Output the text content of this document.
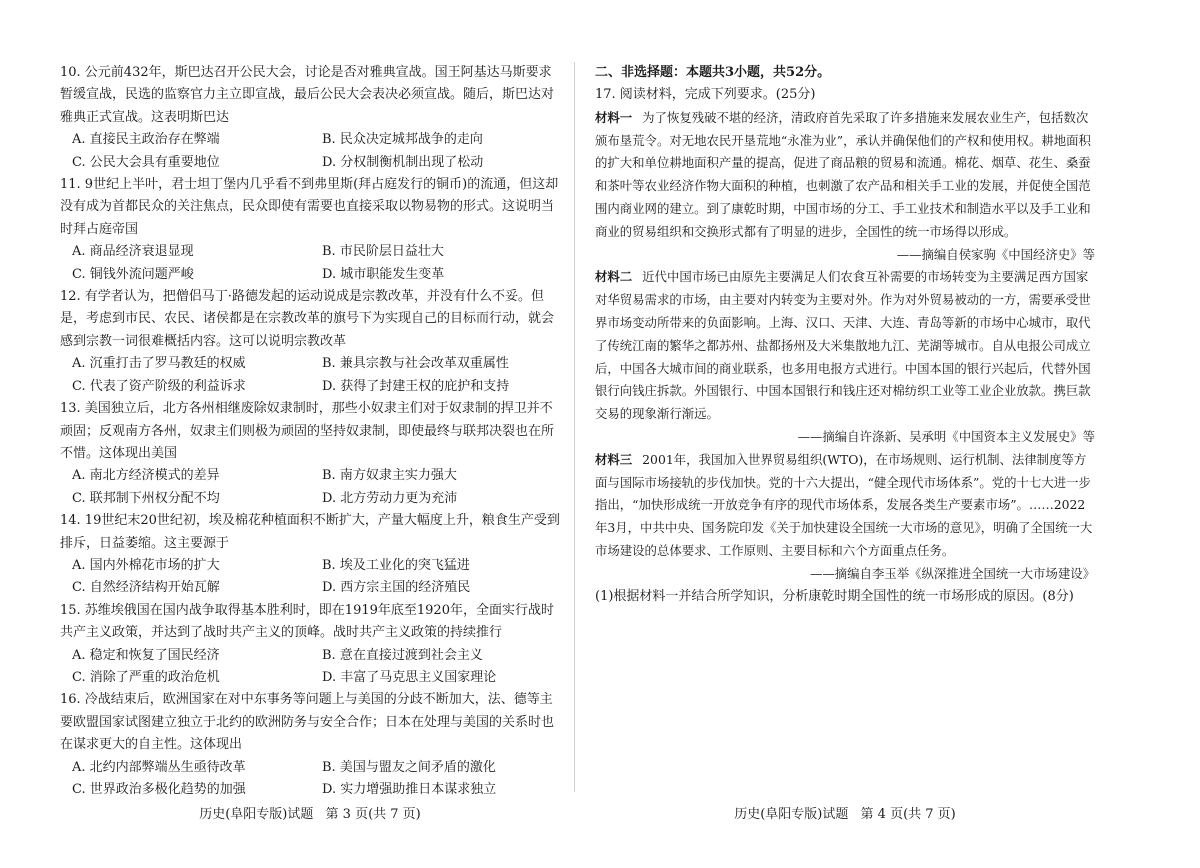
10. 公元前432年，斯巴达召开公民大会，讨论是否对雅典宣战。国王阿基达马斯要求暂缓宣战，民选的监察官力主立即宣战，最后公民大会表决必须宣战。随后，斯巴达对雅典正式宣战。这表明斯巴达

A. 直接民主政治存在弊端	B. 民众决定城邦战争的走向
C. 公民大会具有重要地位	D. 分权制衡机制出现了松动

11. 9世纪上半叶，君士坦丁堡内几乎看不到弗里斯(拜占庭发行的铜币)的流通，但这却没有成为首都民众的关注焦点，民众即使有需要也直接采取以物易物的形式。这说明当时拜占庭帝国

A. 商品经济衰退显现	B. 市民阶层日益壮大
C. 铜钱外流问题严峻	D. 城市职能发生变革

12. 有学者认为，把僧侣马丁·路德发起的运动说成是宗教改革，并没有什么不妥。但是，考虑到市民、农民、诸侯都是在宗教改革的旗号下为实现自己的目标而行动，就会感到宗教一词很难概括内容。这可以说明宗教改革

A. 沉重打击了罗马教廷的权威	B. 兼具宗教与社会改革双重属性
C. 代表了资产阶级的利益诉求	D. 获得了封建王权的庇护和支持

13. 美国独立后，北方各州相继废除奴隶制时，那些小奴隶主们对于奴隶制的捍卫并不顽固；反观南方各州，奴隶主们则极为顽固的坚持奴隶制，即使最终与联邦决裂也在所不惜。这体现出美国

A. 南北方经济模式的差异	B. 南方奴隶主实力强大
C. 联邦制下州权分配不均	D. 北方劳动力更为充沛

14. 19世纪末20世纪初，埃及棉花种植面积不断扩大，产量大幅度上升，粮食生产受到排斥，日益萎缩。这主要源于

A. 国内外棉花市场的扩大	B. 埃及工业化的突飞猛进
C. 自然经济结构开始瓦解	D. 西方宗主国的经济殖民

15. 苏维埃俄国在国内战争取得基本胜利时，即在1919年底至1920年，全面实行战时共产主义政策，并达到了战时共产主义的顶峰。战时共产主义政策的持续推行

A. 稳定和恢复了国民经济	B. 意在直接过渡到社会主义
C. 消除了严重的政治危机	D. 丰富了马克思主义国家理论

16. 冷战结束后，欧洲国家在对中东事务等问题上与美国的分歧不断加大，法、德等主要欧盟国家试图建立独立于北约的欧洲防务与安全合作；日本在处理与美国的关系时也在谋求更大的自主性。这体现出

A. 北约内部弊端丛生亟待改革	B. 美国与盟友之间矛盾的激化
C. 世界政治多极化趋势的加强	D. 实力增强助推日本谋求独立
历史(阜阳专版)试题 第 3 页(共 7 页)

二、非选择题：本题共3小题，共52分。

17. 阅读材料，完成下列要求。(25分)

材料一 为了恢复残破不堪的经济，清政府首先采取了许多措施来发展农业生产，包括数次颁布垦荒令。对无地农民开垦荒地“永准为业”，承认并确保他们的产权和使用权。耕地面积的扩大和单位耕地面积产量的提高，促进了商品粮的贸易和流通。棉花、烟草、花生、桑蚕和茶叶等农业经济作物大面积的种植，也刺激了农产品和相关手工业的发展，并促使全国范围内商业网的建立。到了康乾时期，中国市场的分工、手工业技术和制造水平以及手工业和商业的贸易组织和交换形式都有了明显的进步，全国性的统一市场得以形成。

——摘编自侯家驹《中国经济史》等

材料二 近代中国市场已由原先主要满足人们农食互补需要的市场转变为主要满足西方国家对华贸易需求的市场，由主要对内转变为主要对外。作为对外贸易被动的一方，需要承受世界市场变动所带来的负面影响。上海、汉口、天津、大连、青岛等新的市场中心城市，取代了传统江南的繁华之都苏州、盐都扬州及大米集散地九江、芜湖等城市。自从电报公司成立后，中国各大城市间的商业联系，也多用电报方式进行。中国本国的银行兴起后，代替外国银行向钱庄拆款。外国银行、中国本国银行和钱庄还对棉纺织工业等工业企业放款。携巨款交易的现象渐行渐远。

——摘编自许涤新、吴承明《中国资本主义发展史》等

材料三 2001年，我国加入世界贸易组织(WTO)，在市场规则、运行机制、法律制度等方面与国际市场接轨的步伐加快。党的十六大提出，“健全现代市场体系”。党的十七大进一步指出，“加快形成统一开放竞争有序的现代市场体系，发展各类生产要素市场”。……2022年3月，中共中央、国务院印发《关于加快建设全国统一大市场的意见》，明确了全国统一大市场建设的总体要求、工作原则、主要目标和六个方面重点任务。

——摘编自李玉举《纵深推进全国统一大市场建设》

(1)根据材料一并结合所学知识，分析康乾时期全国性的统一市场形成的原因。(8分)

历史(阜阳专版)试题 第 4 页(共 7 页)
